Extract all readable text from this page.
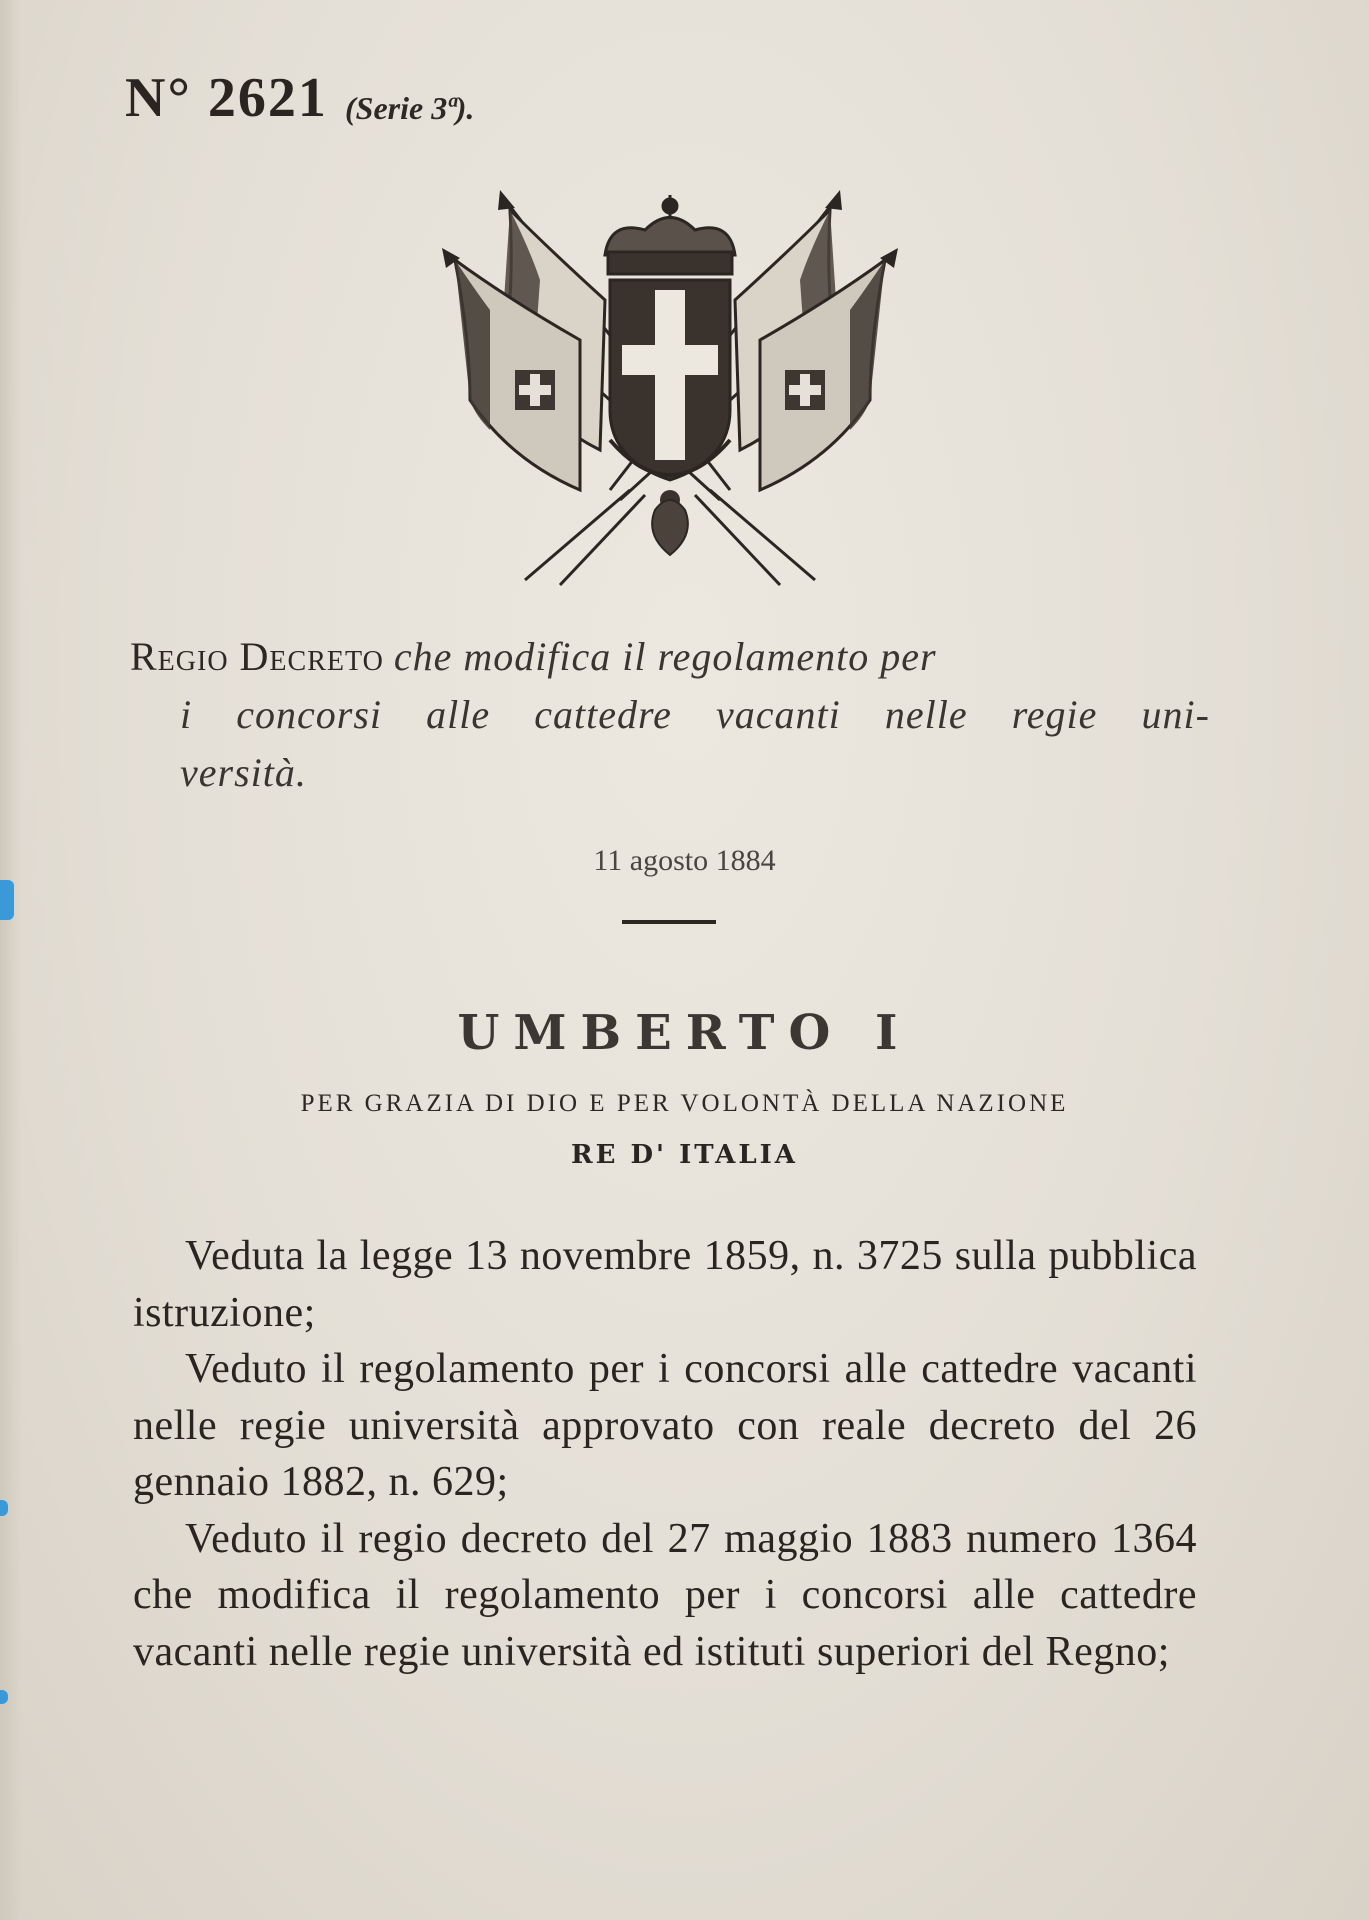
N° 2621 (Serie 3ª).
Regio Decreto che modifica il regolamento per
i concorsi alle cattedre vacanti nelle regie uni-
versità.
11 agosto 1884
UMBERTO I
PER GRAZIA DI DIO E PER VOLONTÀ DELLA NAZIONE
RE D' ITALIA
Veduta la legge 13 novembre 1859, n. 3725 sulla pubblica istruzione;
Veduto il regolamento per i concorsi alle cattedre vacanti nelle regie università approvato con reale decreto del 26 gennaio 1882, n. 629;
Veduto il regio decreto del 27 maggio 1883 numero 1364 che modifica il regolamento per i concorsi alle cattedre vacanti nelle regie università ed istituti superiori del Regno;
